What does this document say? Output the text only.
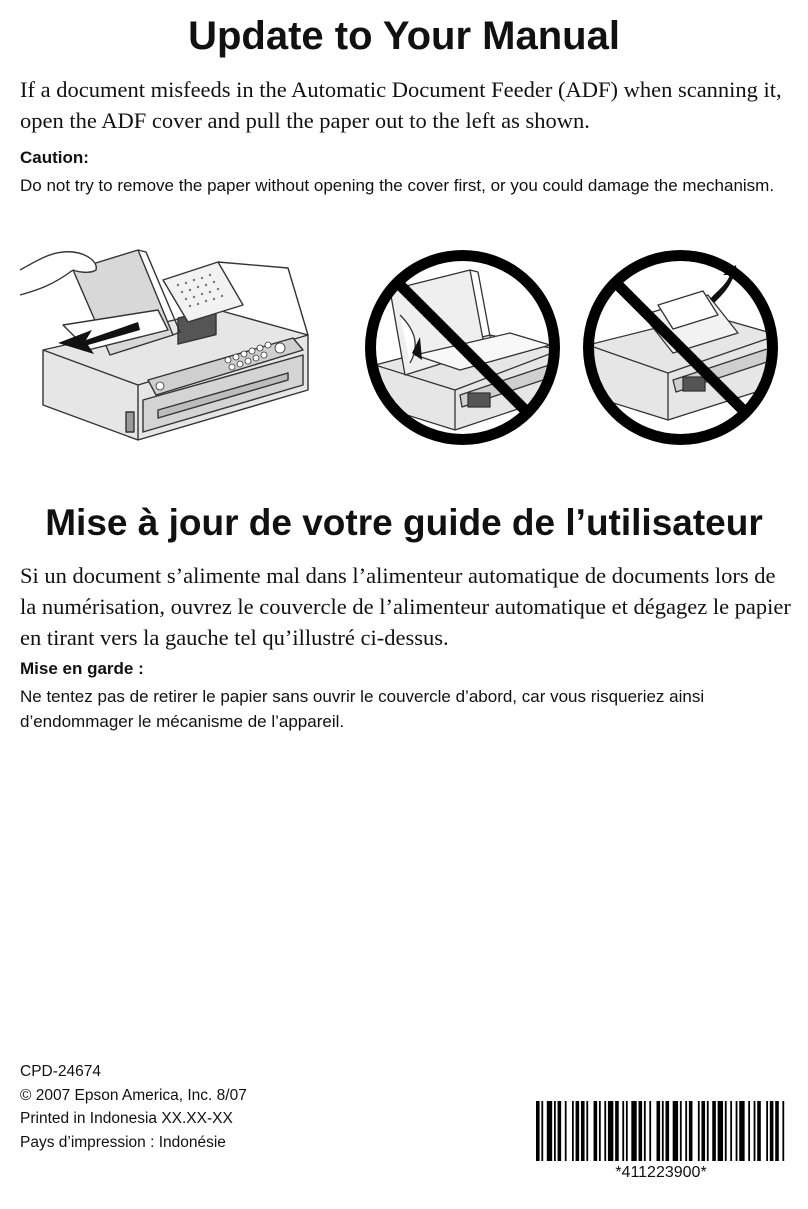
Update to Your Manual

If a document misfeeds in the Automatic Document Feeder (ADF) when scanning it, open the ADF cover and pull the paper out to the left as shown.

Caution:

Do not try to remove the paper without opening the cover first, or you could damage the mechanism.

Mise à jour de votre guide de l’utilisateur

Si un document s’alimente mal dans l’alimenteur automatique de documents lors de la numérisation, ouvrez le couvercle de l’alimenteur automatique et dégagez le papier en tirant vers la gauche tel qu’illustré ci-dessus.

Mise en garde :

Ne tentez pas de retirer le papier sans ouvrir le couvercle d’abord, car vous risqueriez ainsi d’endommager le mécanisme de l’appareil.

CPD-24674
© 2007 Epson America, Inc. 8/07
Printed in Indonesia XX.XX-XX
Pays d’impression : Indonésie
*411223900*
